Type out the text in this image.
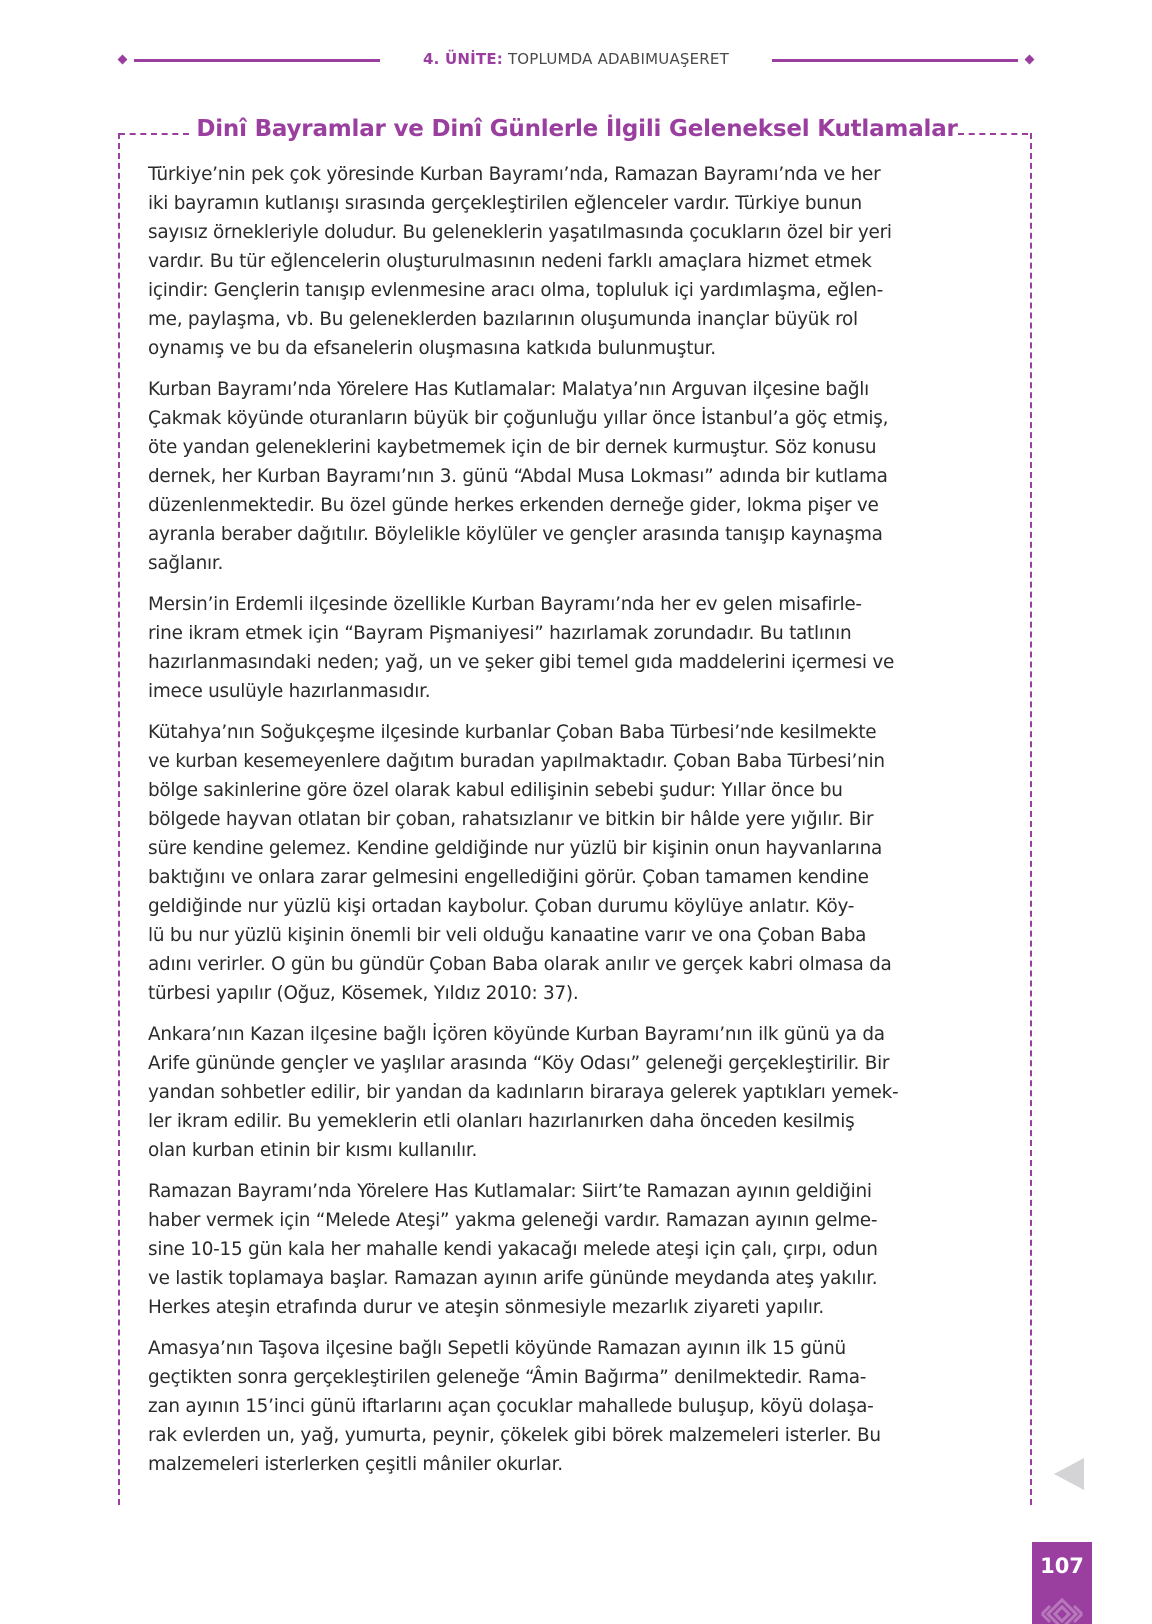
4. ÜNİTE: TOPLUMDA ADABIMUAŞERET
Dinî Bayramlar ve Dinî Günlerle İlgili Geleneksel Kutlamalar
Türkiye’nin pek çok yöresinde Kurban Bayramı’nda, Ramazan Bayramı’nda ve her
iki bayramın kutlanışı sırasında gerçekleştirilen eğlenceler vardır. Türkiye bunun
sayısız örnekleriyle doludur. Bu geleneklerin yaşatılmasında çocukların özel bir yeri
vardır. Bu tür eğlencelerin oluşturulmasının nedeni farklı amaçlara hizmet etmek
içindir: Gençlerin tanışıp evlenmesine aracı olma, topluluk içi yardımlaşma, eğlen-
me, paylaşma, vb. Bu geleneklerden bazılarının oluşumunda inançlar büyük rol
oynamış ve bu da efsanelerin oluşmasına katkıda bulunmuştur.
Kurban Bayramı’nda Yörelere Has Kutlamalar: Malatya’nın Arguvan ilçesine bağlı
Çakmak köyünde oturanların büyük bir çoğunluğu yıllar önce İstanbul’a göç etmiş,
öte yandan geleneklerini kaybetmemek için de bir dernek kurmuştur. Söz konusu
dernek, her Kurban Bayramı’nın 3. günü “Abdal Musa Lokması” adında bir kutlama
düzenlenmektedir. Bu özel günde herkes erkenden derneğe gider, lokma pişer ve
ayranla beraber dağıtılır. Böylelikle köylüler ve gençler arasında tanışıp kaynaşma
sağlanır.
Mersin’in Erdemli ilçesinde özellikle Kurban Bayramı’nda her ev gelen misafirle-
rine ikram etmek için “Bayram Pişmaniyesi” hazırlamak zorundadır. Bu tatlının
hazırlanmasındaki neden; yağ, un ve şeker gibi temel gıda maddelerini içermesi ve
imece usulüyle hazırlanmasıdır.
Kütahya’nın Soğukçeşme ilçesinde kurbanlar Çoban Baba Türbesi’nde kesilmekte
ve kurban kesemeyenlere dağıtım buradan yapılmaktadır. Çoban Baba Türbesi’nin
bölge sakinlerine göre özel olarak kabul edilişinin sebebi şudur: Yıllar önce bu
bölgede hayvan otlatan bir çoban, rahatsızlanır ve bitkin bir hâlde yere yığılır. Bir
süre kendine gelemez. Kendine geldiğinde nur yüzlü bir kişinin onun hayvanlarına
baktığını ve onlara zarar gelmesini engellediğini görür. Çoban tamamen kendine
geldiğinde nur yüzlü kişi ortadan kaybolur. Çoban durumu köylüye anlatır. Köy-
lü bu nur yüzlü kişinin önemli bir veli olduğu kanaatine varır ve ona Çoban Baba
adını verirler. O gün bu gündür Çoban Baba olarak anılır ve gerçek kabri olmasa da
türbesi yapılır (Oğuz, Kösemek, Yıldız 2010: 37).
Ankara’nın Kazan ilçesine bağlı İçören köyünde Kurban Bayramı’nın ilk günü ya da
Arife gününde gençler ve yaşlılar arasında “Köy Odası” geleneği gerçekleştirilir. Bir
yandan sohbetler edilir, bir yandan da kadınların biraraya gelerek yaptıkları yemek-
ler ikram edilir. Bu yemeklerin etli olanları hazırlanırken daha önceden kesilmiş
olan kurban etinin bir kısmı kullanılır.
Ramazan Bayramı’nda Yörelere Has Kutlamalar: Siirt’te Ramazan ayının geldiğini
haber vermek için “Melede Ateşi” yakma geleneği vardır. Ramazan ayının gelme-
sine 10-15 gün kala her mahalle kendi yakacağı melede ateşi için çalı, çırpı, odun
ve lastik toplamaya başlar. Ramazan ayının arife gününde meydanda ateş yakılır.
Herkes ateşin etrafında durur ve ateşin sönmesiyle mezarlık ziyareti yapılır.
Amasya’nın Taşova ilçesine bağlı Sepetli köyünde Ramazan ayının ilk 15 günü
geçtikten sonra gerçekleştirilen geleneğe “Âmin Bağırma” denilmektedir. Rama-
zan ayının 15’inci günü iftarlarını açan çocuklar mahallede buluşup, köyü dolaşa-
rak evlerden un, yağ, yumurta, peynir, çökelek gibi börek malzemeleri isterler. Bu
malzemeleri isterlerken çeşitli mâniler okurlar.
107
